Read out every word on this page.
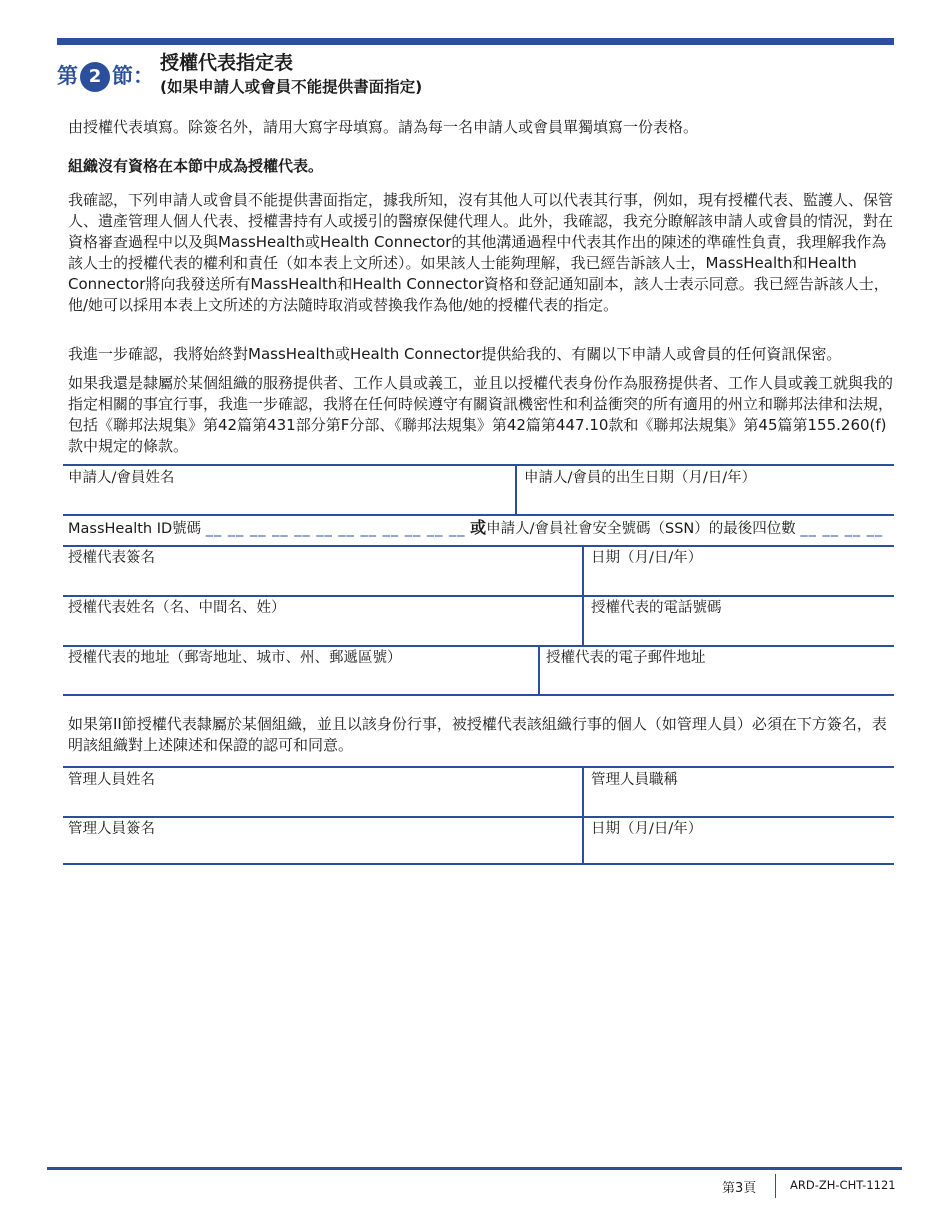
第 2 節：
授權代表指定表
(如果申請人或會員不能提供書面指定)

由授權代表填寫。除簽名外，請用大寫字母填寫。請為每一名申請人或會員單獨填寫一份表格。

組織沒有資格在本節中成為授權代表。

我確認，下列申請人或會員不能提供書面指定，據我所知，沒有其他人可以代表其行事，例如，現有授權代表、監護人、保管人、遺產管理人個人代表、授權書持有人或援引的醫療保健代理人。此外，我確認，我充分瞭解該申請人或會員的情況，對在資格審查過程中以及與MassHealth或Health Connector的其他溝通過程中代表其作出的陳述的準確性負責，我理解我作為該人士的授權代表的權利和責任（如本表上文所述）。如果該人士能夠理解，我已經告訴該人士，MassHealth和Health Connector將向我發送所有MassHealth和Health Connector資格和登記通知副本，該人士表示同意。我已經告訴該人士，他/她可以採用本表上文所述的方法隨時取消或替換我作為他/她的授權代表的指定。

我進一步確認，我將始終對MassHealth或Health Connector提供給我的、有關以下申請人或會員的任何資訊保密。

如果我還是隸屬於某個組織的服務提供者、工作人員或義工，並且以授權代表身份作為服務提供者、工作人員或義工就與我的指定相關的事宜行事，我進一步確認，我將在任何時候遵守有關資訊機密性和利益衝突的所有適用的州立和聯邦法律和法規，包括《聯邦法規集》第42篇第431部分第F分部、《聯邦法規集》第42篇第447.10款和《聯邦法規集》第45篇第155.260(f)款中規定的條款。

申請人/會員姓名	申請人/會員的出生日期（月/日/年）
MassHealth ID號碼 __ __ __ __ __ __ __ __ __ __ __ __ 或申請人/會員社會安全號碼（SSN）的最後四位數 __ __ __ __
授權代表簽名	日期（月/日/年）
授權代表姓名（名、中間名、姓）	授權代表的電話號碼
授權代表的地址（郵寄地址、城市、州、郵遞區號）	授權代表的電子郵件地址

如果第II節授權代表隸屬於某個組織，並且以該身份行事，被授權代表該組織行事的個人（如管理人員）必須在下方簽名，表明該組織對上述陳述和保證的認可和同意。

管理人員姓名	管理人員職稱
管理人員簽名	日期（月/日/年）
第3頁	ARD-ZH-CHT-1121
